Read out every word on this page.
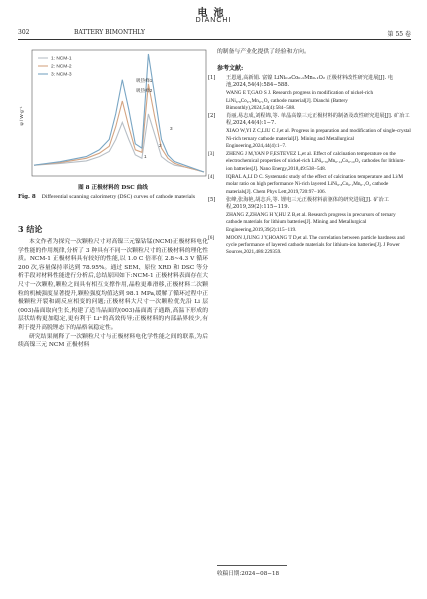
电池
DIANCHI
302	BATTERY BIMONTHLY	第 55 卷
ψ / W·g⁻¹
1: NCM-1
2: NCM-2
3: NCM-3
吸热峰1
吸热峰2
3
2
1
图 8 正极材料的 DSC 曲线
Fig. 8 Differential scanning calorimetry (DSC) curves of cathode materials
3 结论

本文作者为探究一次颗粒尺寸对高镍三元镍钴锰(NCM)正极材料电化学性能的作用规律,分析了 3 种具有不同一次颗粒尺寸的正极材料的理化性质。NCM-1 正极材料具有较好的性能,以 1.0 C 倍率在 2.8~4.3 V 循环 200 次,容量保持率达到 78.95%。通过 SEM、原位 XRD 和 DSC 等分析手段对材料性能进行分析后,总结原因如下:NCM-1 正极材料表面存在大尺寸一次颗粒,颗粒之间具有相互支撑作用,晶粒更难滑移,正极材料二次颗粒的机械强度显著提升,颗粒强度均值达到 98.1 MPa,缓解了循环过程中正极颗粒开裂和副反应相变的问题;正极材料大尺寸一次颗粒优先沿 Li 层(003)晶面取向生长,构建了适当晶面的(003)晶面离子通路,高温下形成的层状结构更加稳定,更有利于 Li⁺的高效传导;正极材料的内部晶界较少,有利于提升高脱锂态下的晶格氧稳定性。

研究结果阐释了一次颗粒尺寸与正极材料电化学性能之间的联系,为后续高镍三元 NCM 正极材料

的制备与产业化提供了经验和方向。
参考文献:
[1] 王恩通,高新娟. 富镍 LiNi₀.₈Co₀.₁Mn₀.₁O₂ 正极材料改性研究进展[J]. 电池,2024,54(4):584−588.
WANG E T,GAO S J. Research progress in modification of nickel-rich LiNi₀.₈Co₀.₁Mn₀.₁O₂ cathode material[J]. Dianchi (Battery Bimonthly),2024,54(4):584−588.
[2] 肖丽,易志成,刘程锦,等. 单晶高镍三元正极材料的制备及改性研究进展[J]. 矿冶工程,2024,44(4):1−7.
XIAO W,YI Z C,LIU C J,et al. Progress in preparation and modification of single-crystal Ni-rich ternary cathode material[J]. Mining and Metallurgical Engineering,2024,44(4):1−7.
[3] ZHENG J M,YAN P F,ESTEVEZ L,et al. Effect of calcination temperature on the electrochemical properties of nickel-rich LiNi₀.₇₆Mn₀.₁₄Co₀.₁₀O₂ cathodes for lithium-ion batteries[J]. Nano Energy,2018,49:538−548.
[4] IQBAL A,LI D C. Systematic study of the effect of calcination temperature and Li/M molar ratio on high performance Ni-rich layered LiNi₀.₈Co₀.₁Mn₀.₁O₂ cathode materials[J]. Chem Phys Lett,2019,720:97−106.
[5] 张峰,张海艳,胡志兵,等. 锂电三元正极材料前驱体的研究进展[J]. 矿冶工程,2019,39(2):115−119.
ZHANG Z,ZHANG H Y,HU Z B,et al. Research progress in precursors of ternary cathode materials for lithium batteries[J]. Mining and Metallurgical Engineering,2019,39(2):115−119.
[6] MOON J,JUNG J Y,HOANG T D,et al. The correlation between particle hardness and cycle performance of layered cathode materials for lithium-ion batteries[J]. J Power Sources,2021,486:229359.
收稿日期:2024−08−18
